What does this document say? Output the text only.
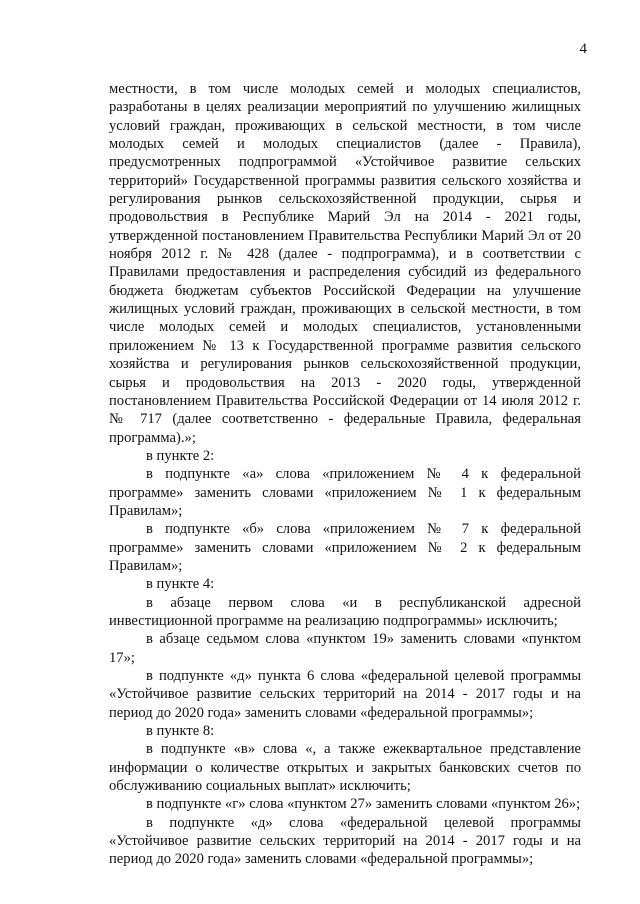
4

местности, в том числе молодых семей и молодых специалистов, разработаны в целях реализации мероприятий по улучшению жилищных условий граждан, проживающих в сельской местности, в том числе молодых семей и молодых специалистов (далее - Правила), предусмотренных подпрограммой «Устойчивое развитие сельских территорий» Государственной программы развития сельского хозяйства и регулирования рынков сельскохозяйственной продукции, сырья и продовольствия в Республике Марий Эл на 2014 - 2021 годы, утвержденной постановлением Правительства Республики Марий Эл от 20 ноября 2012 г. № 428 (далее - подпрограмма), и в соответствии с Правилами предоставления и распределения субсидий из федерального бюджета бюджетам субъектов Российской Федерации на улучшение жилищных условий граждан, проживающих в сельской местности, в том числе молодых семей и молодых специалистов, установленными приложением № 13 к Государственной программе развития сельского хозяйства и регулирования рынков сельскохозяйственной продукции, сырья и продовольствия на 2013 - 2020 годы, утвержденной постановлением Правительства Российской Федерации от 14 июля 2012 г. № 717 (далее соответственно - федеральные Правила, федеральная программа).»;

в пункте 2:

в подпункте «а» слова «приложением № 4 к федеральной программе» заменить словами «приложением № 1 к федеральным Правилам»;

в подпункте «б» слова «приложением № 7 к федеральной программе» заменить словами «приложением № 2 к федеральным Правилам»;

в пункте 4:

в абзаце первом слова «и в республиканской адресной инвестиционной программе на реализацию подпрограммы» исключить;

в абзаце седьмом слова «пунктом 19» заменить словами «пунктом 17»;

в подпункте «д» пункта 6 слова «федеральной целевой программы «Устойчивое развитие сельских территорий на 2014 - 2017 годы и на период до 2020 года» заменить словами «федеральной программы»;

в пункте 8:

в подпункте «в» слова «, а также ежеквартальное представление информации о количестве открытых и закрытых банковских счетов по обслуживанию социальных выплат» исключить;

в подпункте «г» слова «пунктом 27» заменить словами «пунктом 26»;

в подпункте «д» слова «федеральной целевой программы «Устойчивое развитие сельских территорий на 2014 - 2017 годы и на период до 2020 года» заменить словами «федеральной программы»;
